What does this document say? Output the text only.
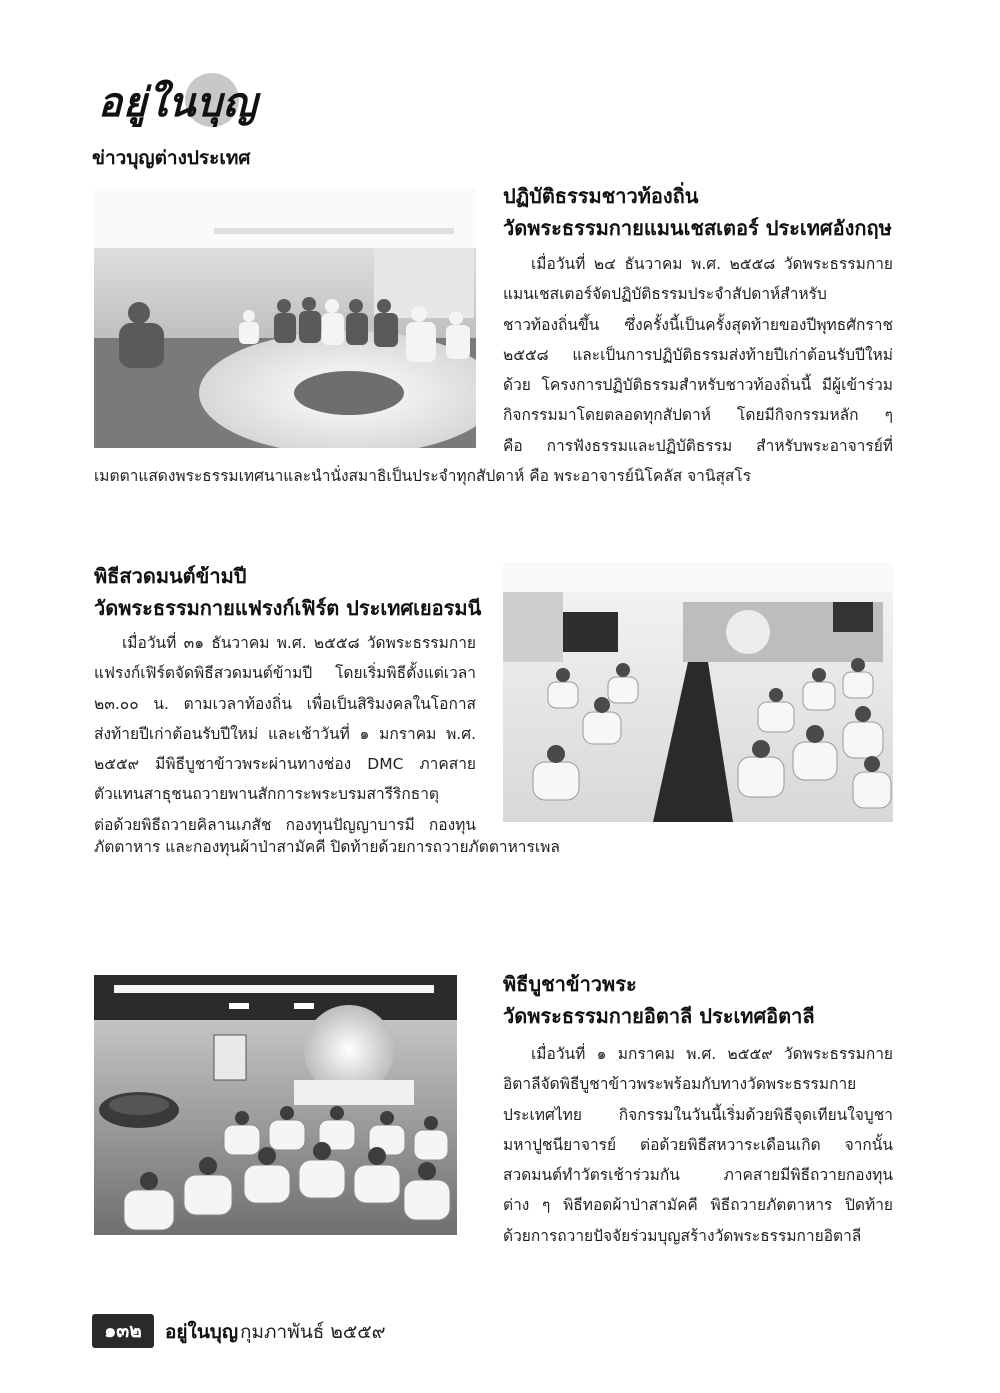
อยู่ในบุญ
ข่าวบุญต่างประเทศ
ปฏิบัติธรรมชาวท้องถิ่น
วัดพระธรรมกายแมนเชสเตอร์ ประเทศอังกฤษ
เมื่อวันที่ ๒๔ ธันวาคม พ.ศ. ๒๕๕๘ วัดพระธรรมกาย
แมนเชสเตอร์จัดปฏิบัติธรรมประจำสัปดาห์สำหรับ
ชาวท้องถิ่นขึ้น ซึ่งครั้งนี้เป็นครั้งสุดท้ายของปีพุทธศักราช
๒๕๕๘ และเป็นการปฏิบัติธรรมส่งท้ายปีเก่าต้อนรับปีใหม่
ด้วย โครงการปฏิบัติธรรมสำหรับชาวท้องถิ่นนี้ มีผู้เข้าร่วม
กิจกรรมมาโดยตลอดทุกสัปดาห์ โดยมีกิจกรรมหลัก ๆ
คือ การฟังธรรมและปฏิบัติธรรม สำหรับพระอาจารย์ที่
เมตตาแสดงพระธรรมเทศนาและนำนั่งสมาธิเป็นประจำทุกสัปดาห์ คือ พระอาจารย์นิโคลัส จานิสุสโร
พิธีสวดมนต์ข้ามปี
วัดพระธรรมกายแฟรงก์เฟิร์ต ประเทศเยอรมนี
เมื่อวันที่ ๓๑ ธันวาคม พ.ศ. ๒๕๕๘ วัดพระธรรมกาย
แฟรงก์เฟิร์ตจัดพิธีสวดมนต์ข้ามปี โดยเริ่มพิธีตั้งแต่เวลา
๒๓.๐๐ น. ตามเวลาท้องถิ่น เพื่อเป็นสิริมงคลในโอกาส
ส่งท้ายปีเก่าต้อนรับปีใหม่ และเช้าวันที่ ๑ มกราคม พ.ศ.
๒๕๕๙ มีพิธีบูชาข้าวพระผ่านทางช่อง DMC ภาคสาย
ตัวแทนสาธุชนถวายพานสักการะพระบรมสารีริกธาตุ
ต่อด้วยพิธีถวายคิลานเภสัช กองทุนปัญญาบารมี กองทุน
ภัตตาหาร และกองทุนผ้าป่าสามัคคี ปิดท้ายด้วยการถวายภัตตาหารเพล
พิธีบูชาข้าวพระ
วัดพระธรรมกายอิตาลี ประเทศอิตาลี
เมื่อวันที่ ๑ มกราคม พ.ศ. ๒๕๕๙ วัดพระธรรมกาย
อิตาลีจัดพิธีบูชาข้าวพระพร้อมกับทางวัดพระธรรมกาย
ประเทศไทย กิจกรรมในวันนี้เริ่มด้วยพิธีจุดเทียนใจบูชา
มหาปูชนียาจารย์ ต่อด้วยพิธีสหวาระเดือนเกิด จากนั้น
สวดมนต์ทำวัตรเช้าร่วมกัน ภาคสายมีพิธีถวายกองทุน
ต่าง ๆ พิธีทอดผ้าป่าสามัคคี พิธีถวายภัตตาหาร ปิดท้าย
ด้วยการถวายปัจจัยร่วมบุญสร้างวัดพระธรรมกายอิตาลี
๑๓๒	อยู่ในบุญ กุมภาพันธ์ ๒๕๕๙
